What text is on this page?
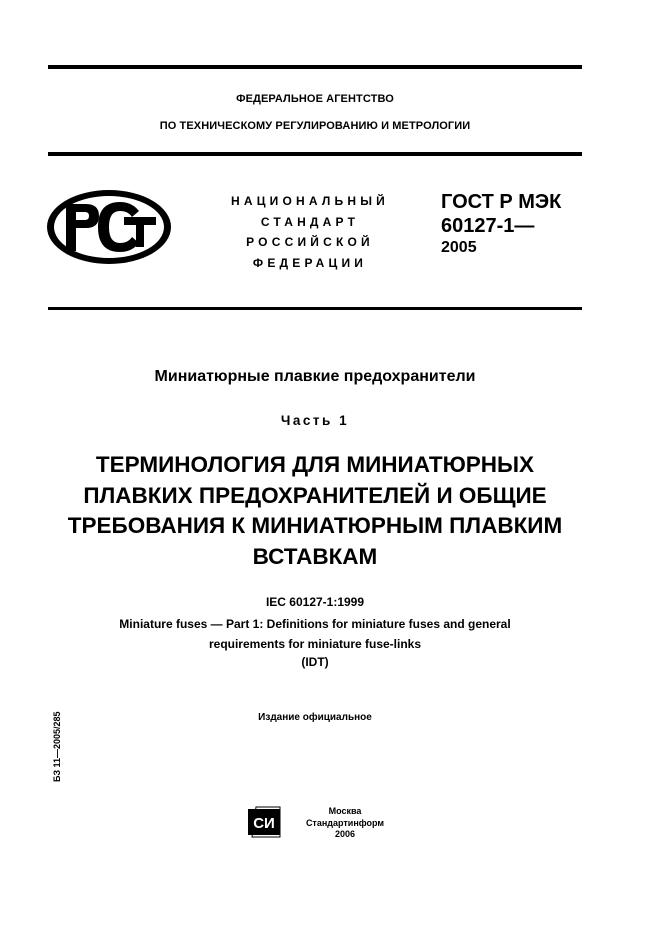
ФЕДЕРАЛЬНОЕ АГЕНТСТВО
ПО ТЕХНИЧЕСКОМУ РЕГУЛИРОВАНИЮ И МЕТРОЛОГИИ
НАЦИОНАЛЬНЫЙ
СТАНДАРТ
РОССИЙСКОЙ
ФЕДЕРАЦИИ
ГОСТ Р МЭК
60127-1—
2005
Миниатюрные плавкие предохранители
Часть 1
ТЕРМИНОЛОГИЯ ДЛЯ МИНИАТЮРНЫХ
ПЛАВКИХ ПРЕДОХРАНИТЕЛЕЙ И ОБЩИЕ
ТРЕБОВАНИЯ К МИНИАТЮРНЫМ ПЛАВКИМ
ВСТАВКАМ
IEC 60127-1:1999
Miniature fuses — Part 1: Definitions for miniature fuses and general
requirements for miniature fuse-links
(IDT)
Издание официальное
БЗ 11—2005/285
СИ
Москва
Стандартинформ
2006
